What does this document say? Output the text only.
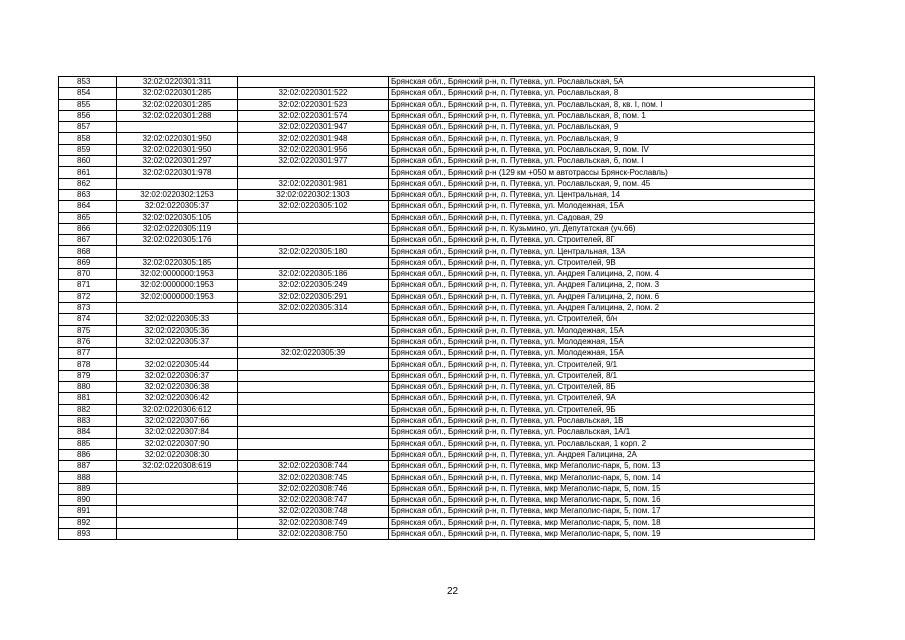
853	32:02:0220301:311		Брянская обл., Брянский р-н, п. Путевка, ул. Рославльская, 5А
854	32:02:0220301:285	32:02:0220301:522	Брянская обл., Брянский р-н, п. Путевка, ул. Рославльская, 8
855	32:02:0220301:285	32:02:0220301:523	Брянская обл., Брянский р-н, п. Путевка, ул. Рославльская, 8, кв. I, пом. I
856	32:02:0220301:288	32:02:0220301:574	Брянская обл., Брянский р-н, п. Путевка, ул. Рославльская, 8, пом. 1
857		32:02:0220301:947	Брянская обл., Брянский р-н, п. Путевка, ул. Рославльская, 9
858	32:02:0220301:950	32:02:0220301:948	Брянская обл., Брянский р-н, п. Путевка, ул. Рославльская, 9
859	32:02:0220301:950	32:02:0220301:956	Брянская обл., Брянский р-н, п. Путевка, ул. Рославльская, 9, пом. IV
860	32:02:0220301:297	32:02:0220301:977	Брянская обл., Брянский р-н, п. Путевка, ул. Рославльская, 6, пом. I
861	32:02:0220301:978		Брянская обл., Брянский р-н (129 км +050 м автотрассы Брянск-Рославль)
862		32:02:0220301:981	Брянская обл., Брянский р-н, п. Путевка, ул. Рославльская, 9, пом. 45
863	32:02:0220302:1253	32:02:0220302:1303	Брянская обл., Брянский р-н, п. Путевка, ул. Центральная, 14
864	32:02:0220305:37	32:02:0220305:102	Брянская обл., Брянский р-н, п. Путевка, ул. Молодежная, 15А
865	32:02:0220305:105		Брянская обл., Брянский р-н, п. Путевка, ул. Садовая, 29
866	32:02:0220305:119		Брянская обл., Брянский р-н, п. Кузьмино, ул. Депутатская (уч.66)
867	32:02:0220305:176		Брянская обл., Брянский р-н, п. Путевка, ул. Строителей, 8Г
868		32:02:0220305:180	Брянская обл., Брянский р-н, п. Путевка, ул. Центральная, 13А
869	32:02:0220305:185		Брянская обл., Брянский р-н, п. Путевка, ул. Строителей, 9В
870	32:02:0000000:1953	32:02:0220305:186	Брянская обл., Брянский р-н, п. Путевка, ул. Андрея Галицина, 2, пом. 4
871	32:02:0000000:1953	32:02:0220305:249	Брянская обл., Брянский р-н, п. Путевка, ул. Андрея Галицина, 2, пом. 3
872	32:02:0000000:1953	32:02:0220305:291	Брянская обл., Брянский р-н, п. Путевка, ул. Андрея Галицина, 2, пом. 6
873		32:02:0220305:314	Брянская обл., Брянский р-н, п. Путевка, ул. Андрея Галицина, 2, пом. 2
874	32:02:0220305:33		Брянская обл., Брянский р-н, п. Путевка, ул. Строителей, б/н
875	32:02:0220305:36		Брянская обл., Брянский р-н, п. Путевка, ул. Молодежная, 15А
876	32:02:0220305:37		Брянская обл., Брянский р-н, п. Путевка, ул. Молодежная, 15А
877		32:02:0220305:39	Брянская обл., Брянский р-н, п. Путевка, ул. Молодежная, 15А
878	32:02:0220305:44		Брянская обл., Брянский р-н, п. Путевка, ул. Строителей, 9/1
879	32:02:0220306:37		Брянская обл., Брянский р-н, п. Путевка, ул. Строителей, 8/1
880	32:02:0220306:38		Брянская обл., Брянский р-н, п. Путевка, ул. Строителей, 8Б
881	32:02:0220306:42		Брянская обл., Брянский р-н, п. Путевка, ул. Строителей, 9А
882	32:02:0220306:612		Брянская обл., Брянский р-н, п. Путевка, ул. Строителей, 9Б
883	32:02:0220307:66		Брянская обл., Брянский р-н, п. Путевка, ул. Рославльская, 1В
884	32:02:0220307:84		Брянская обл., Брянский р-н, п. Путевка, ул. Рославльская, 1А/1
885	32:02:0220307:90		Брянская обл., Брянский р-н, п. Путевка, ул. Рославльская, 1 корп. 2
886	32:02:0220308:30		Брянская обл., Брянский р-н, п. Путевка, ул. Андрея Галицина, 2А
887	32:02:0220308:619	32:02:0220308:744	Брянская обл., Брянский р-н, п. Путевка, мкр Мегаполис-парк, 5, пом. 13
888		32:02:0220308:745	Брянская обл., Брянский р-н, п. Путевка, мкр Мегаполис-парк, 5, пом. 14
889		32:02:0220308:746	Брянская обл., Брянский р-н, п. Путевка, мкр Мегаполис-парк, 5, пом. 15
890		32:02:0220308:747	Брянская обл., Брянский р-н, п. Путевка, мкр Мегаполис-парк, 5, пом. 16
891		32:02:0220308:748	Брянская обл., Брянский р-н, п. Путевка, мкр Мегаполис-парк, 5, пом. 17
892		32:02:0220308:749	Брянская обл., Брянский р-н, п. Путевка, мкр Мегаполис-парк, 5, пом. 18
893		32:02:0220308:750	Брянская обл., Брянский р-н, п. Путевка, мкр Мегаполис-парк, 5, пом. 19
22
